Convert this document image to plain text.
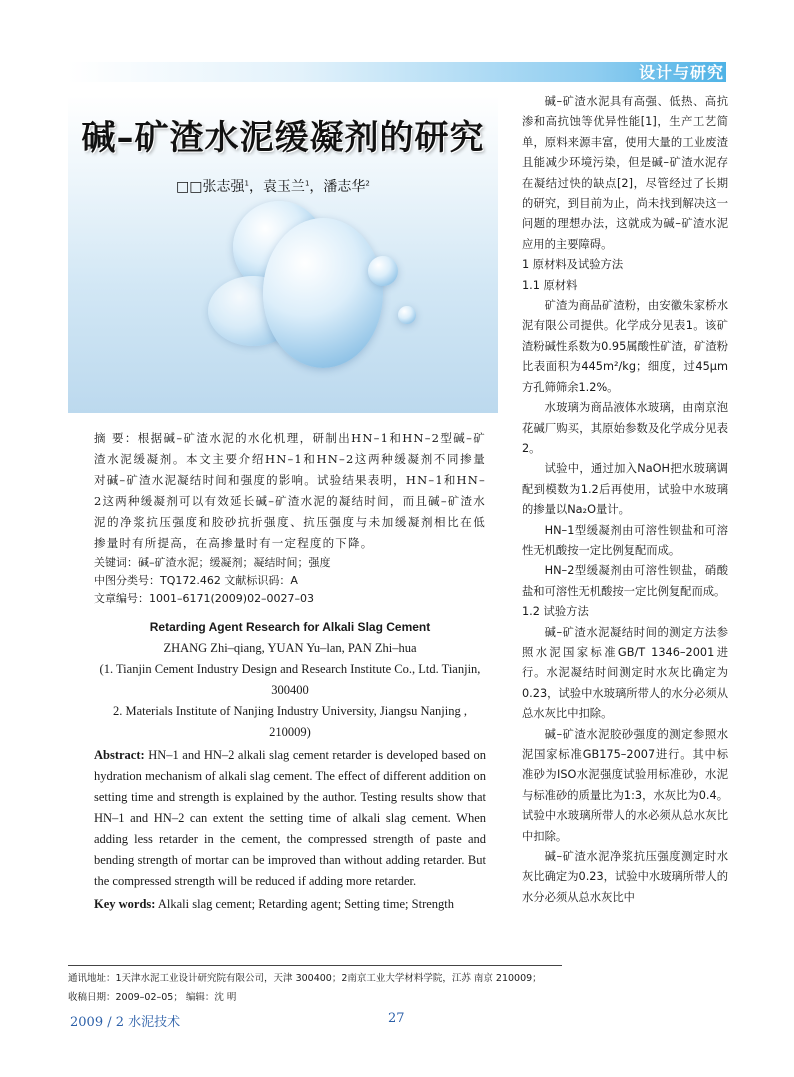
设计与研究
碱–矿渣水泥缓凝剂的研究
□□张志强$^1$，袁玉兰$^1$，潘志华$^2$
摘 要：根据碱–矿渣水泥的水化机理，研制出HN–1和HN–2型碱–矿渣水泥缓凝剂。本文主要介绍HN–1和HN–2这两种缓凝剂不同掺量对碱–矿渣水泥凝结时间和强度的影响。试验结果表明，HN–1和HN–2这两种缓凝剂可以有效延长碱–矿渣水泥的凝结时间，而且碱–矿渣水泥的净浆抗压强度和胶砂抗折强度、抗压强度与未加缓凝剂相比在低掺量时有所提高，在高掺量时有一定程度的下降。
关键词：碱–矿渣水泥；缓凝剂；凝结时间；强度
中图分类号：TQ172.462 文献标识码：A
文章编号：1001–6171(2009)02–0027–03
Retarding Agent Research for Alkali Slag Cement
ZHANG Zhi–qiang, YUAN Yu–lan, PAN Zhi–hua
(1. Tianjin Cement Industry Design and Research Institute Co., Ltd. Tianjin, 300400
2. Materials Institute of Nanjing Industry University, Jiangsu Nanjing , 210009)
Abstract: HN–1 and HN–2 alkali slag cement retarder is developed based on hydration mechanism of alkali slag cement. The effect of different addition on setting time and strength is explained by the author. Testing results show that HN–1 and HN–2 can extent the setting time of alkali slag cement. When adding less retarder in the cement, the compressed strength of paste and bending strength of mortar can be improved than without adding retarder. But the compressed strength will be reduced if adding more retarder.
Key words: Alkali slag cement; Retarding agent; Setting time; Strength

碱–矿渣水泥具有高强、低热、高抗渗和高抗蚀等优异性能[1]，生产工艺简单，原料来源丰富，使用大量的工业废渣且能减少环境污染，但是碱–矿渣水泥存在凝结过快的缺点[2]，尽管经过了长期的研究，到目前为止，尚未找到解决这一问题的理想办法，这就成为碱–矿渣水泥应用的主要障碍。

1 原材料及试验方法

1.1 原材料

矿渣为商品矿渣粉，由安徽朱家桥水泥有限公司提供。化学成分见表1。该矿渣粉碱性系数为0.95属酸性矿渣，矿渣粉比表面积为445m²/kg；细度，过45μm方孔筛筛余1.2%。

水玻璃为商品液体水玻璃，由南京泡花碱厂购买，其原始参数及化学成分见表2。

试验中，通过加入NaOH把水玻璃调配到模数为1.2后再使用，试验中水玻璃的掺量以Na₂O量计。

HN–1型缓凝剂由可溶性钡盐和可溶性无机酸按一定比例复配而成。

HN–2型缓凝剂由可溶性钡盐，硝酸盐和可溶性无机酸按一定比例复配而成。

1.2 试验方法

碱–矿渣水泥凝结时间的测定方法参照水泥国家标准GB/T 1346–2001进行。水泥凝结时间测定时水灰比确定为0.23，试验中水玻璃所带人的水分必须从总水灰比中扣除。

碱–矿渣水泥胶砂强度的测定参照水泥国家标准GB175–2007进行。其中标准砂为ISO水泥强度试验用标准砂，水泥与标准砂的质量比为1:3，水灰比为0.4。试验中水玻璃所带人的水必须从总水灰比中扣除。

碱–矿渣水泥净浆抗压强度测定时水灰比确定为0.23，试验中水玻璃所带人的水分必须从总水灰比中

通讯地址：1天津水泥工业设计研究院有限公司，天津 300400；2南京工业大学材料学院，江苏 南京 210009；
收稿日期：2009–02–05； 编辑：沈 明
2009 / 2 水泥技术	27
